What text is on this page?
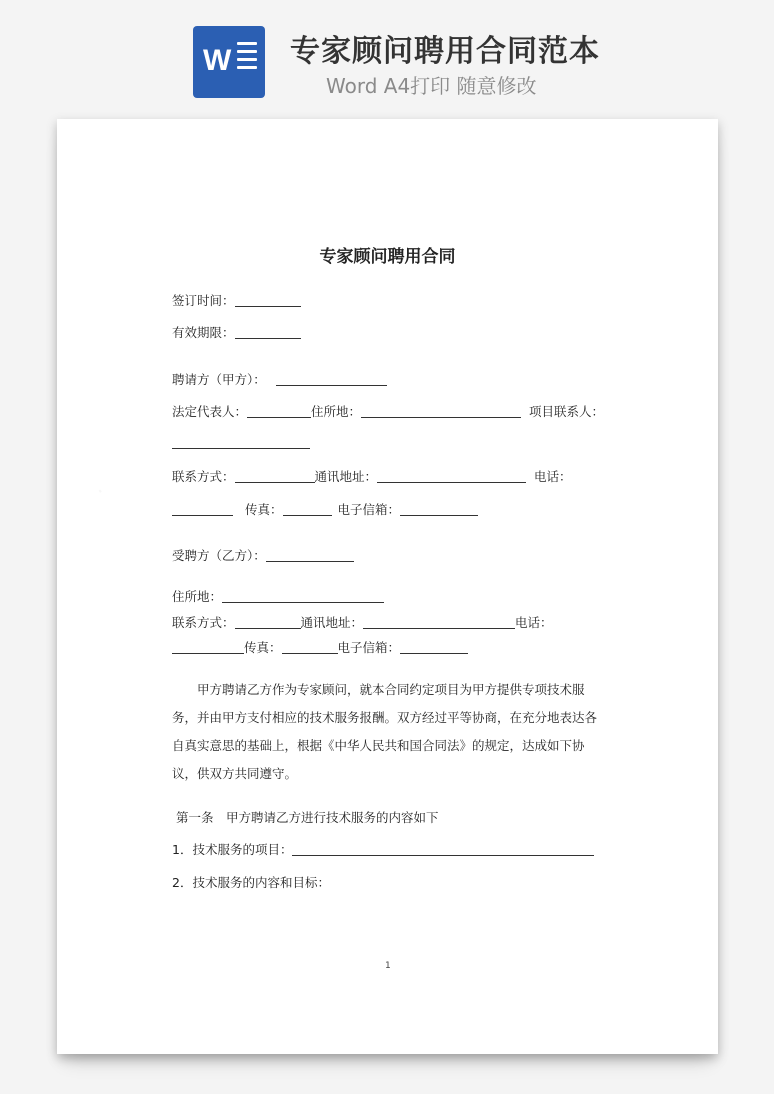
W 专家顾问聘用合同范本
Word A4打印 随意修改
·
专家顾问聘用合同
签订时间：
有效期限：
聘请方（甲方）：
法定代表人：	住所地：	项目联系人：
联系方式：	通讯地址：	电话：
传真：	电子信箱：
受聘方（乙方）：
住所地：
联系方式：	通讯地址：	电话：
传真：	电子信箱：
甲方聘请乙方作为专家顾问，就本合同约定项目为甲方提供专项技术服务，并由甲方支付相应的技术服务报酬。双方经过平等协商，在充分地表达各自真实意思的基础上，根据《中华人民共和国合同法》的规定，达成如下协议，供双方共同遵守。
第一条　甲方聘请乙方进行技术服务的内容如下
1．技术服务的项目：
2．技术服务的内容和目标：
1
